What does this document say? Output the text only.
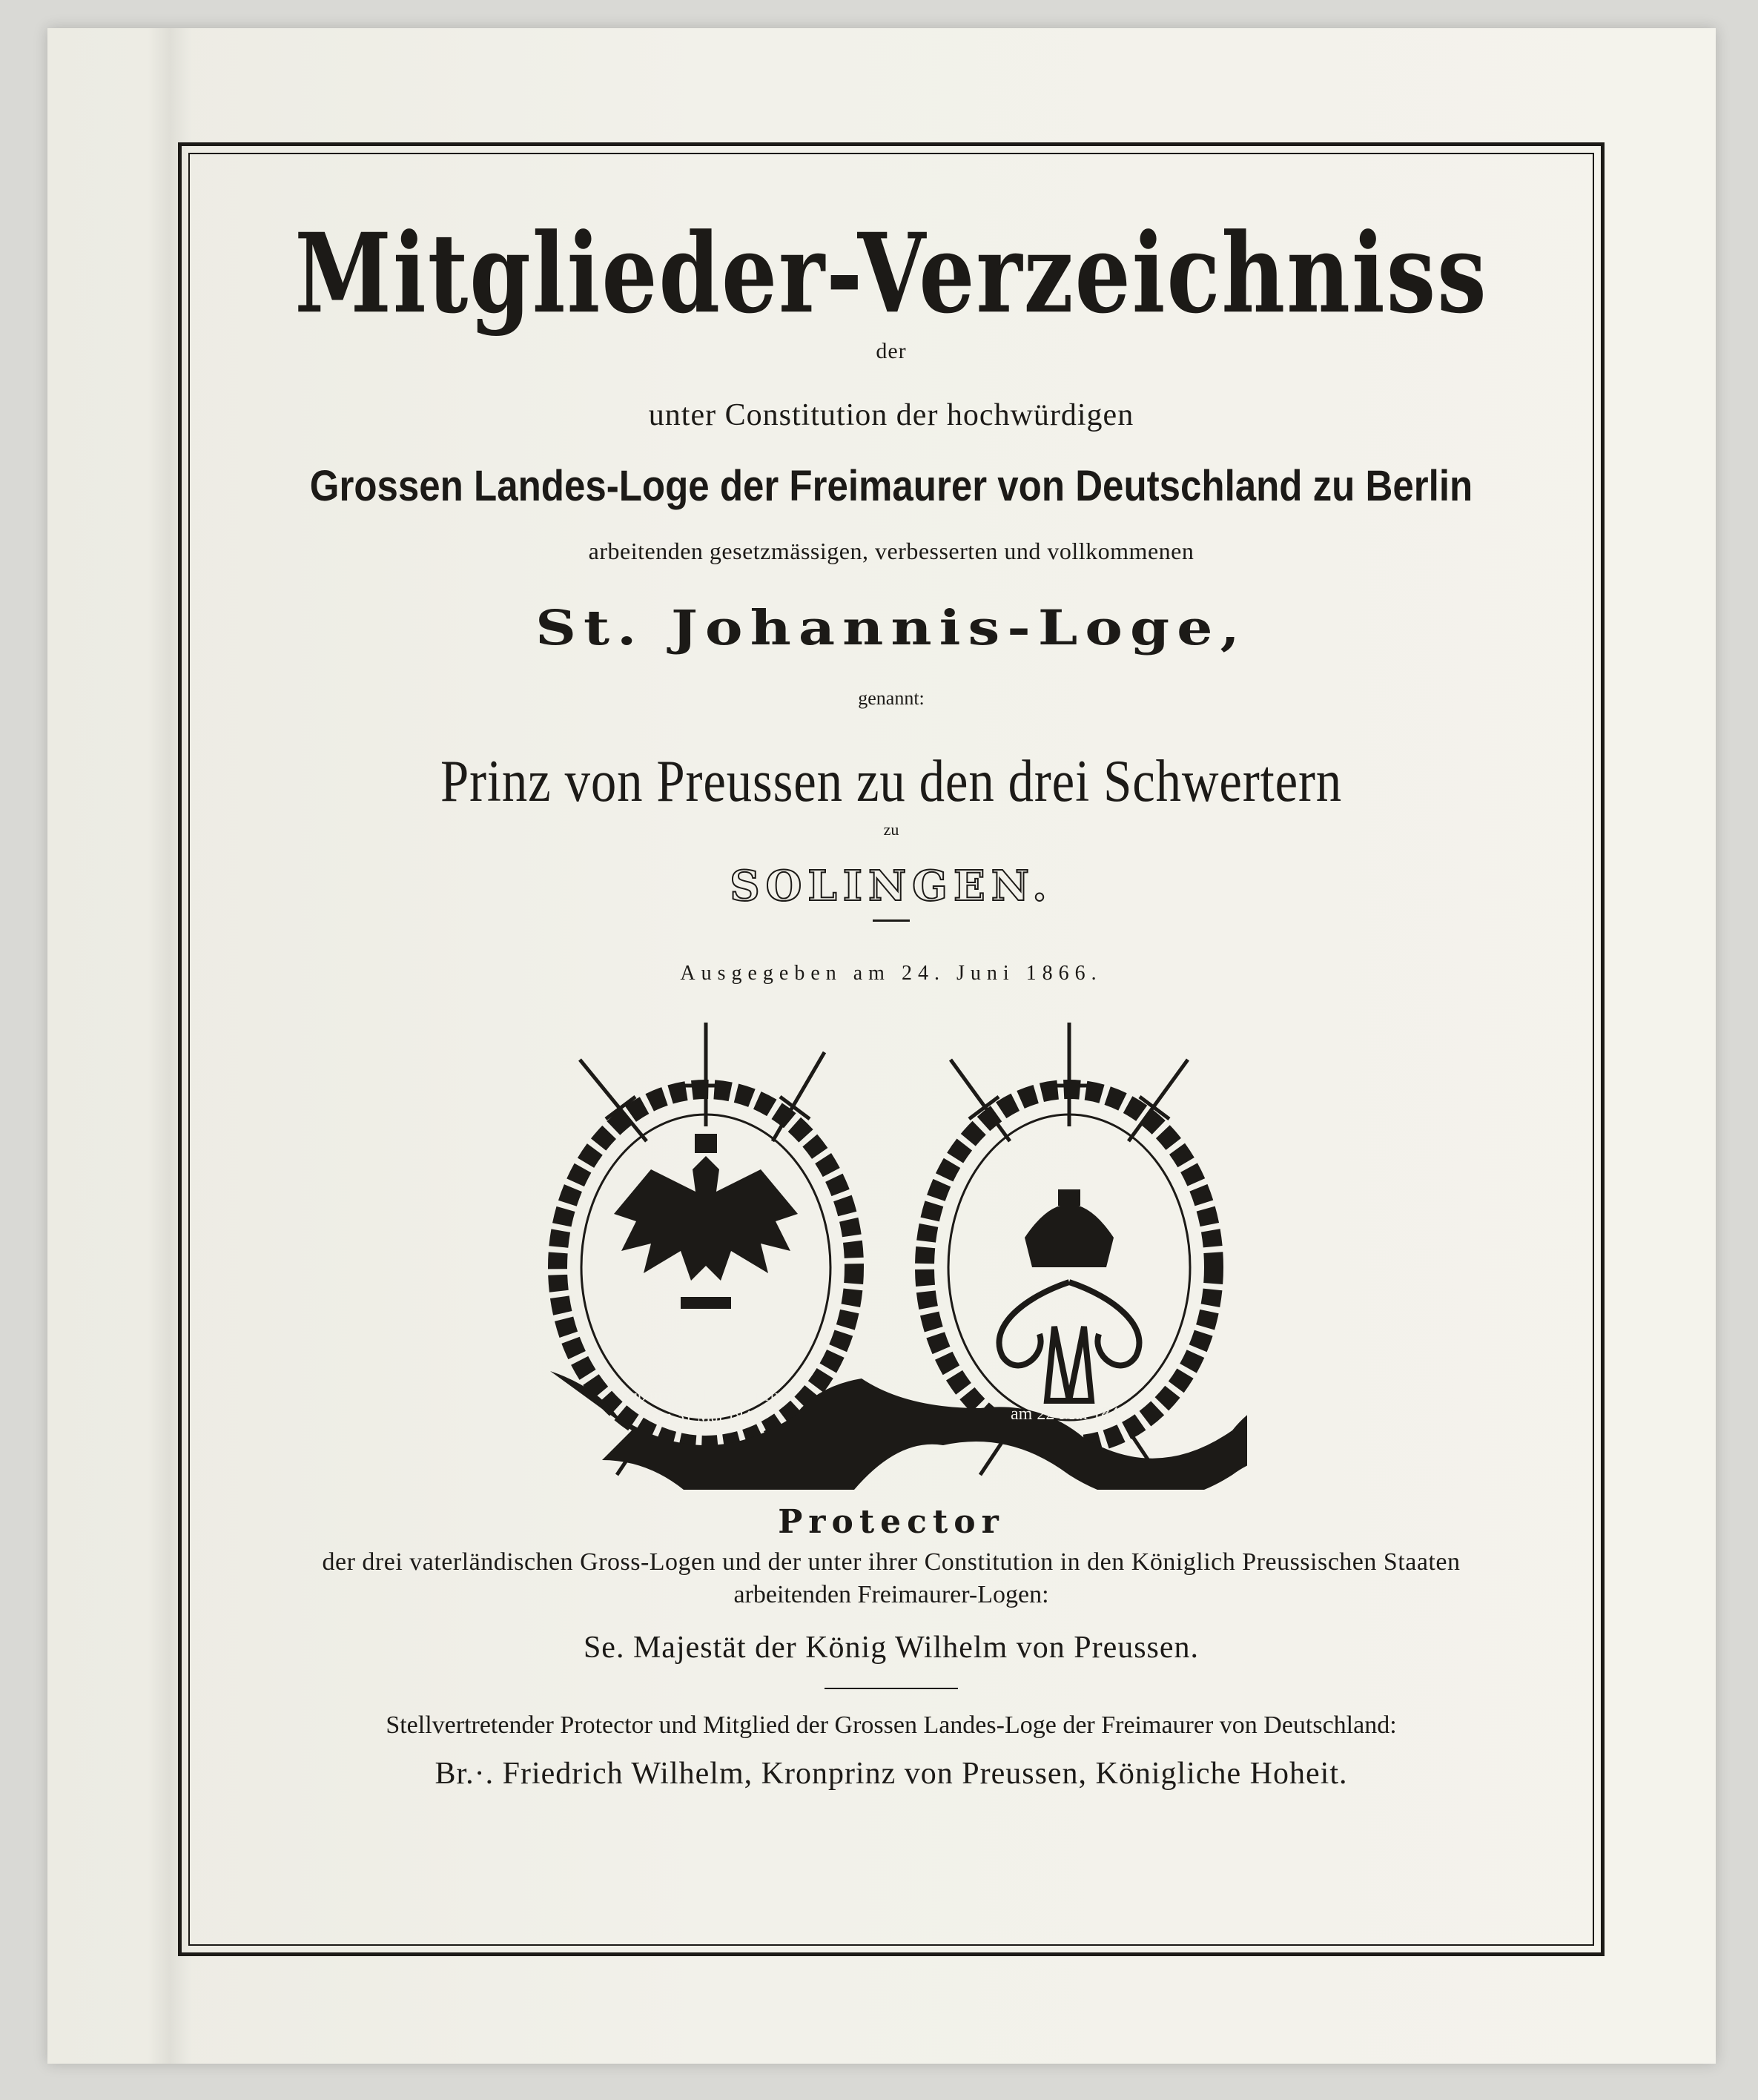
Mitglieder-Verzeichniss
der
unter Constitution der hochwürdigen
Grossen Landes-Loge der Freimaurer von Deutschland zu Berlin
arbeitenden gesetzmässigen, verbesserten und vollkommenen
St. Johannis-Loge,
genannt:
Prinz von Preussen zu den drei Schwertern
zu
SOLINGEN.
Ausgegeben am 24. Juni 1866.
Sub umbra alarum tuarum
am 31 Mai 1840	am 22 Mai 1840
Protector
der drei vaterländischen Gross-Logen und der unter ihrer Constitution in den Königlich Preussischen Staaten
arbeitenden Freimaurer-Logen:
Se. Majestät der König Wilhelm von Preussen.
Stellvertretender Protector und Mitglied der Grossen Landes-Loge der Freimaurer von Deutschland:
Br.·. Friedrich Wilhelm, Kronprinz von Preussen, Königliche Hoheit.
